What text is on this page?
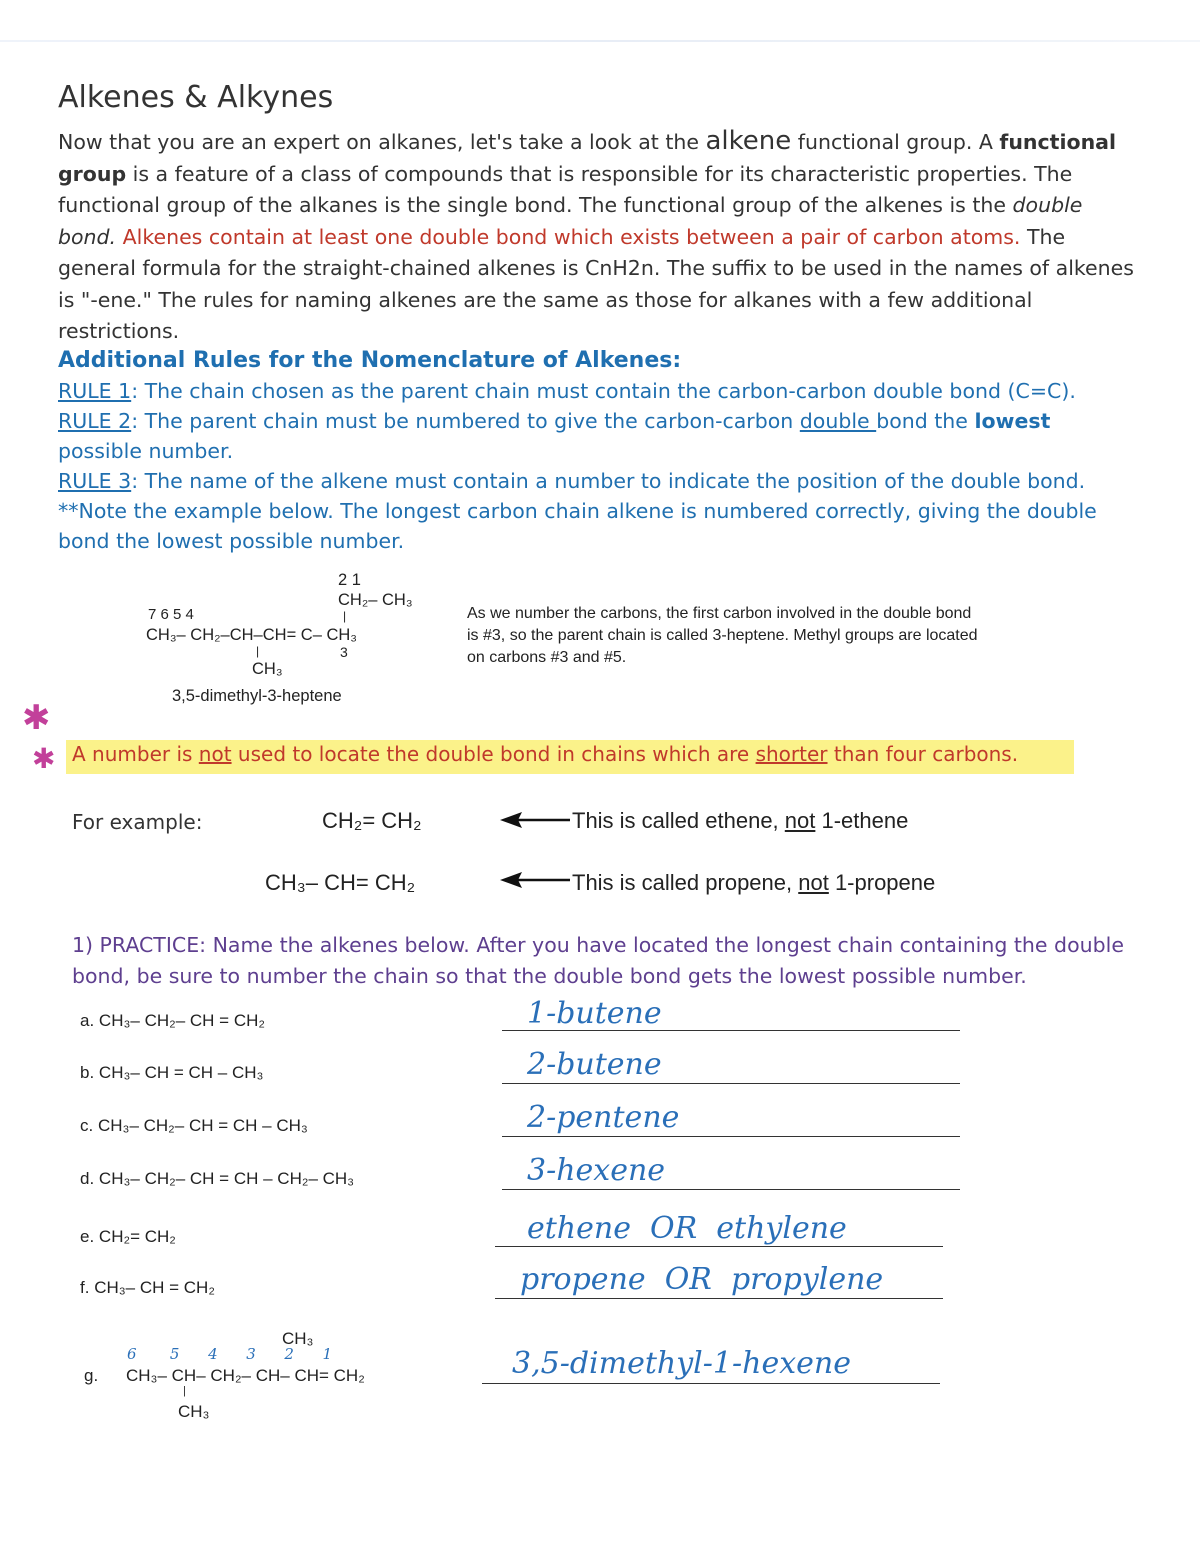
Alkenes & Alkynes
Now that you are an expert on alkanes, let's take a look at the alkene functional group. A functional group is a feature of a class of compounds that is responsible for its characteristic properties. The functional group of the alkanes is the single bond. The functional group of the alkenes is the double bond. Alkenes contain at least one double bond which exists between a pair of carbon atoms. The general formula for the straight-chained alkenes is CnH2n. The suffix to be used in the names of alkenes is "-ene." The rules for naming alkenes are the same as those for alkanes with a few additional restrictions.
Additional Rules for the Nomenclature of Alkenes:
RULE 1: The chain chosen as the parent chain must contain the carbon-carbon double bond (C=C).
RULE 2: The parent chain must be numbered to give the carbon-carbon double bond the lowest possible number.
RULE 3: The name of the alkene must contain a number to indicate the position of the double bond.
**Note the example below. The longest carbon chain alkene is numbered correctly, giving the double bond the lowest possible number.
2 1
CH₂– CH₃
|
7 6 5 4
CH₃– CH₂–CH–CH= C– CH₃
|	3
CH₃
3,5-dimethyl-3-heptene
As we number the carbons, the first carbon involved in the double bond is #3, so the parent chain is called 3-heptene. Methyl groups are located on carbons #3 and #5.
✱
✱ A number is not used to locate the double bond in chains which are shorter than four carbons.
For example:	CH₂= CH₂	This is called ethene, not 1-ethene
CH₃– CH= CH₂	This is called propene, not 1-propene
1) PRACTICE: Name the alkenes below. After you have located the longest chain containing the double bond, be sure to number the chain so that the double bond gets the lowest possible number.
a. CH₃– CH₂– CH = CH₂	1-butene
b. CH₃– CH = CH – CH₃	2-butene
c. CH₃– CH₂– CH = CH – CH₃	2-pentene
d. CH₃– CH₂– CH = CH – CH₂– CH₃	3-hexene
e. CH₂= CH₂	ethene  OR  ethylene
f. CH₃– CH = CH₂	propene  OR  propylene
g.
CH₃
6       5      4      3      2      1
CH₃– CH– CH₂– CH– CH= CH₂
|
CH₃
3,5-dimethyl-1-hexene
